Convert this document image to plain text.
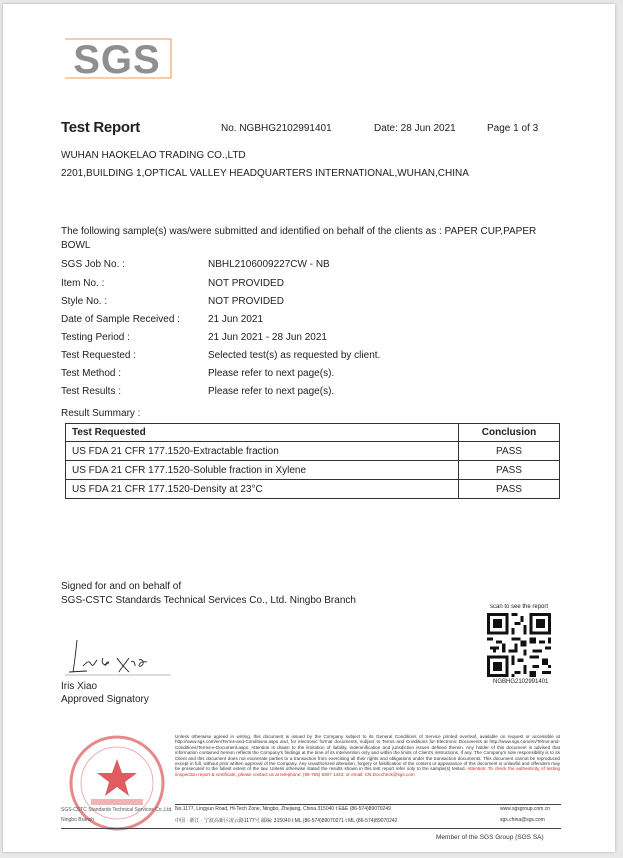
SGS
Test Report	No. NGBHG2102991401	Date: 28 Jun 2021	Page 1 of 3
WUHAN HAOKELAO TRADING CO.,LTD
2201,BUILDING 1,OPTICAL VALLEY HEADQUARTERS INTERNATIONAL,WUHAN,CHINA
The following sample(s) was/were submitted and identified on behalf of the clients as : PAPER CUP,PAPER
BOWL
SGS Job No. :	NBHL2106009227CW - NB
Item No. :	NOT PROVIDED
Style No. :	NOT PROVIDED
Date of Sample Received :	21 Jun 2021
Testing Period :	21 Jun 2021 - 28 Jun 2021
Test Requested :	Selected test(s) as requested by client.
Test Method :	Please refer to next page(s).
Test Results :	Please refer to next page(s).
Result Summary :
Test Requested	Conclusion
US FDA 21 CFR 177.1520-Extractable fraction	PASS
US FDA 21 CFR 177.1520-Soluble fraction in Xylene	PASS
US FDA 21 CFR 177.1520-Density at 23°C	PASS
Signed for and on behalf of
SGS-CSTC Standards Technical Services Co., Ltd. Ningbo Branch
Iris Xiao
Approved Signatory
scan to see the report
NGBHG2102991401
Unless otherwise agreed in writing, this document is issued by the Company subject to its General Conditions of Service printed overleaf, available on request or accessible at http://www.sgs.com/en/Terms-and-Conditions.aspx and, for electronic format documents, subject to Terms and Conditions for Electronic Documents at http://www.sgs.com/en/Terms-and-Conditions/Terms-e-Document.aspx. Attention is drawn to the limitation of liability, indemnification and jurisdiction issues defined therein. Any holder of this document is advised that information contained hereon reflects the Company's findings at the time of its intervention only and within the limits of Client's instructions, if any. The Company's sole responsibility is to its Client and this document does not exonerate parties to a transaction from exercising all their rights and obligations under the transaction documents. This document cannot be reproduced except in full, without prior written approval of the Company. Any unauthorized alteration, forgery or falsification of the content or appearance of this document is unlawful and offenders may be prosecuted to the fullest extent of the law. Unless otherwise stated the results shown in this test report refer only to the sample(s) tested. Attention: To check the authenticity of testing /inspection report & certificate, please contact us at telephone: (86-755) 8307 1443, or email: CN.Doccheck@sgs.com
SGS-CSTC Standards Technical Services Co.,Ltd.
Ningbo Branch
No.1177, Lingyun Road, Hi-Tech Zone, Ningbo, Zhejiang, China 315040 t E&E (86-574)89070249
中国 · 浙江 · 宁波高新区凌云路1177号 邮编: 315040 t ML (86-574)89070271 t ML (86-574)89070242
www.sgsgroup.com.cn
sgs.china@sgs.com
Member of the SGS Group (SGS SA)
